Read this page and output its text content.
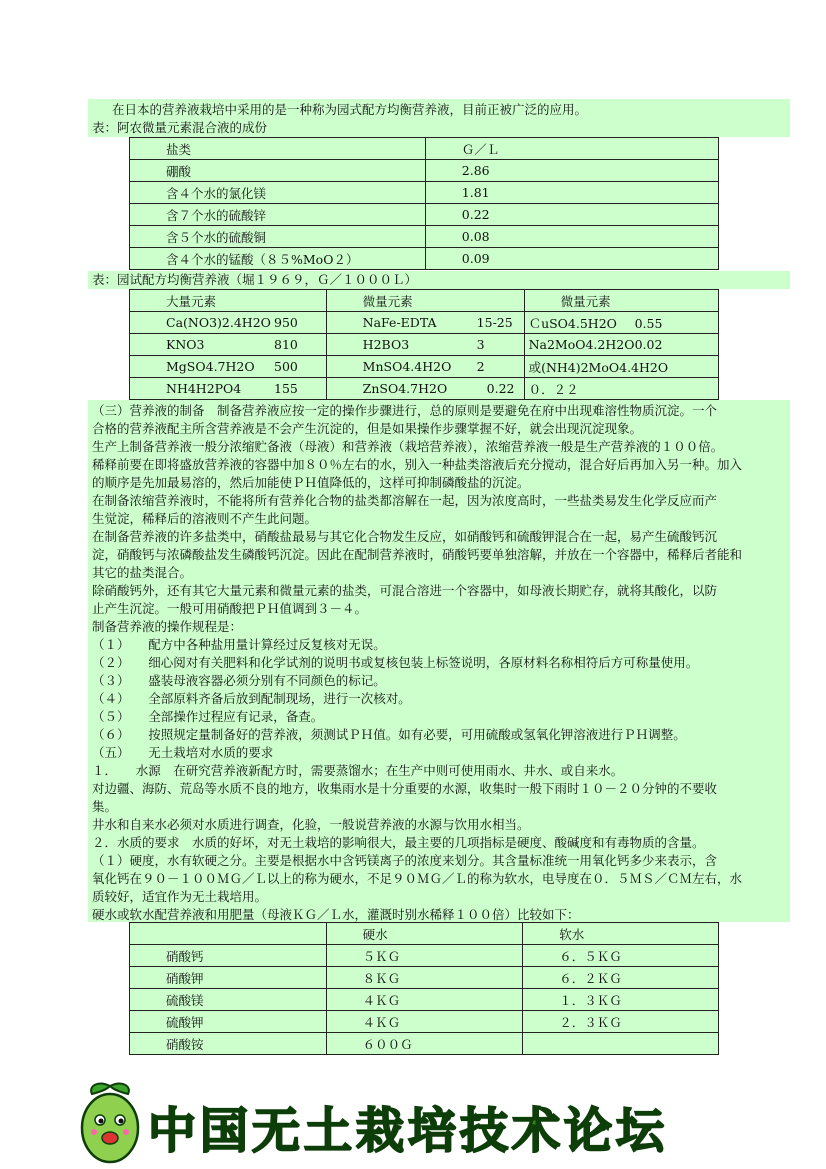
在日本的营养液栽培中采用的是一种称为园式配方均衡营养液，目前正被广泛的应用。
表：阿农微量元素混合液的成份
盐类	Ｇ／Ｌ
硼酸	2.86
含４个水的氯化镁	1.81
含７个水的硫酸锌	0.22
含５个水的硫酸铜	0.08
含４个水的锰酸（８５%MoO２）	0.09
表：园试配方均衡营养液（堀１９６９，Ｇ／１０００Ｌ）
大量元素	微量元素	微量元素
Ca(NO3)2.4H2O 950	NaFe-EDTA 15-25	ＣuSO4.5H2O 0.55
KNO3 810	H2BO3 3	Na2MoO4.2H2O0.02
MgSO4.7H2O 500	MnSO4.4H2O 2	或(NH4)2MoO4.4H2O
NH4H2PO4 155	ZnSO4.7H2O 0.22	０．２２
（三）营养液的制备　制备营养液应按一定的操作步骤进行，总的原则是要避免在府中出现难溶性物质沉淀。一个
合格的营养液配主所含营养液是不会产生沉淀的，但是如果操作步骤掌握不好，就会出现沉淀现象。
生产上制备营养液一般分浓缩贮备液（母液）和营养液（栽培营养液），浓缩营养液一般是生产营养液的１００倍。
稀释前要在即将盛放营养液的容器中加８０％左右的水，别入一种盐类溶液后充分搅动，混合好后再加入另一种。加入
的顺序是先加最易溶的，然后加能使ＰＨ值降低的，这样可抑制磷酸盐的沉淀。
在制备浓缩营养液时，不能将所有营养化合物的盐类都溶解在一起，因为浓度高时，一些盐类易发生化学反应而产
生觉淀，稀释后的溶液则不产生此问题。
在制备营养液的许多盐类中，硝酸盐最易与其它化合物发生反应，如硝酸钙和硫酸钾混合在一起，易产生硫酸钙沉
淀，硝酸钙与浓磷酸盐发生磷酸钙沉淀。因此在配制营养液时，硝酸钙要单独溶解，并放在一个容器中，稀释后者能和
其它的盐类混合。
除硝酸钙外，还有其它大量元素和微量元素的盐类，可混合溶进一个容器中，如母液长期贮存，就将其酸化，以防
止产生沉淀。一般可用硝酸把ＰＨ值调到３－４。
制备营养液的操作规程是：
（１）　　配方中各种盐用量计算经过反复核对无误。
（２）　　细心阅对有关肥料和化学试剂的说明书或复核包装上标签说明，各原材料名称相符后方可称量使用。
（３）　　盛装母液容器必须分别有不同颜色的标记。
（４）　　全部原料齐备后放到配制现场，进行一次核对。
（５）　　全部操作过程应有记录，备查。
（６）　　按照规定量制备好的营养液，须测试ＰＨ值。如有必要，可用硫酸或氢氧化钾溶液进行ＰＨ调整。
（五）　　无土栽培对水质的要求
１．　　水源　在研究营养液新配方时，需要蒸馏水；在生产中则可使用雨水、井水、或自来水。
对边疆、海防、荒岛等水质不良的地方，收集雨水是十分重要的水源，收集时一般下雨时１０－２０分钟的不要收
集。
井水和自来水必须对水质进行调查，化验，一般说营养液的水源与饮用水相当。
２．水质的要求　水质的好坏，对无土栽培的影响很大，最主要的几项指标是硬度、酸碱度和有毒物质的含量。
（１）硬度，水有软硬之分。主要是根据水中含钙镁离子的浓度来划分。其含量标准统一用氧化钙多少来表示，含
氧化钙在９０－１００ＭＧ／Ｌ以上的称为硬水，不足９０ＭＧ／Ｌ的称为软水，电导度在０．５ＭＳ／ＣＭ左右，水
质较好，适宜作为无土栽培用。
硬水或软水配营养液和用肥量（母液ＫＧ／Ｌ水，灌溉时别水稀释１００倍）比较如下：
	硬水	软水
硝酸钙	５ＫＧ	６．５ＫＧ
硝酸钾	８ＫＧ	６．２ＫＧ
硫酸镁	４ＫＧ	１．３ＫＧ
硫酸钾	４ＫＧ	２．３ＫＧ
硝酸铵	６００Ｇ	
中国无土栽培技术论坛
